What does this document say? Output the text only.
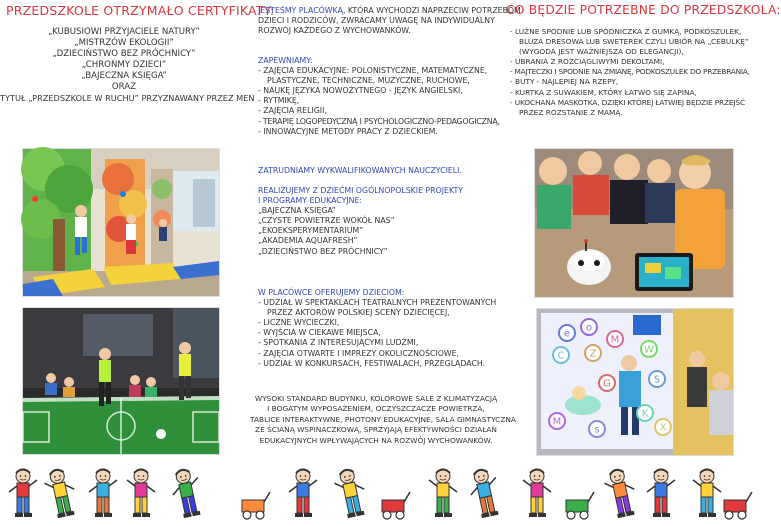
PRZEDSZKOLE OTRZYMAŁO CERTYFIKATY:
„KUBUSIOWI PRZYJACIELE NATURY”
„MISTRZÓW EKOLOGII”
„DZIECIŃSTWO BEZ PRÓCHNICY”
„CHROŃMY DZIECI”
„BAJECZNA KSIĘGA”
ORAZ
TYTUŁ „PRZEDSZKOLE W RUCHU” PRZYZNAWANY PRZEZ MEN
JESTEŚMY PLACÓWKĄ, KTÓRA WYCHODZI NAPRZECIW POTRZEBOM
DZIECI I RODZICÓW, ZWRACAMY UWAGĘ NA INDYWIDUALNY
ROZWÓJ KAŻDEGO Z WYCHOWANKÓW.
ZAPEWNIAMY:
- ZAJĘCIA EDUKACYJNE: POLONISTYCZNE, MATEMATYCZNE,
PLASTYCZNE, TECHNICZNE, MUZYCZNE, RUCHOWE,
- NAUKĘ JĘZYKA NOWOŻYTNEGO - JĘZYK ANGIELSKI,
- RYTMIKĘ,
- ZAJĘCIA RELIGII,
- TERAPIĘ LOGOPEDYCZNĄ I PSYCHOLOGICZNO-PEDAGOGICZNĄ,
- INNOWACYJNE METODY PRACY Z DZIECKIEM.
ZATRUDNIAMY WYKWALIFIKOWANYCH NAUCZYCIELI.
REALIZUJEMY Z DZIEĆMI OGÓLNOPOLSKIE PROJEKTY
I PROGRAMY EDUKACYJNE:
„BAJECZNA KSIĘGA”
„CZYSTE POWIETRZE WOKÓŁ NAS”
„EKOEKSPERYMENTARIUM”
„AKADEMIA AQUAFRESH”
„DZIECIŃSTWO BEZ PRÓCHNICY”
W PLACÓWCE OFERUJEMY DZIECIOM:
- UDZIAŁ W SPEKTAKLACH TEATRALNYCH PREZENTOWANYCH
PRZEZ AKTORÓW POLSKIEJ SCENY DZIECIĘCEJ,
- LICZNE WYCIECZKI,
- WYJŚCIA W CIEKAWE MIEJSCA,
- SPOTKANIA Z INTERESUJĄCYMI LUDŹMI,
- ZAJĘCIA OTWARTE I IMPREZY OKOLICZNOŚCIOWE,
- UDZIAŁ W KONKURSACH, FESTIWALACH, PRZEGLĄDACH.
WYSOKI STANDARD BUDYNKU, KOLOROWE SALE Z KLIMATYZACJĄ
I BOGATYM WYPOSAŻENIEM, OCZYSZCZACZE POWIETRZA,
TABLICE INTERAKTYWNE, PHOTONY EDUKACYJNE, SALA GIMNASTYCZNA
ZE ŚCIANĄ WSPINACZKOWĄ, SPRZYJAJĄ EFEKTYWNOŚCI DZIAŁAŃ
EDUKACYJNYCH WPŁYWAJĄCYCH NA ROZWÓJ WYCHOWANKÓW.
CO BĘDZIE POTRZEBNE DO PRZEDSZKOLA:
- LUŹNE SPODNIE LUB SPÓDNICZKA Z GUMKĄ, PODKOSZULEK,
BLUZA DRESOWA LUB SWETEREK CZYLI UBIÓR NA „CEBULKĘ”
(WYGODA JEST WAŻNIEJSZA OD ELEGANCJI),
- UBRANIA Z ROZCIĄGLIWYMI DEKOLTAMI,
- MAJTECZKI I SPODNIE NA ZMIANĘ, PODKOSZULEK DO PRZEBRANIA,
- BUTY - NAJLEPIEJ NA RZEPY,
- KURTKA Z SUWAKIEM, KTÓRY ŁATWO SIĘ ZAPINA,
- UKOCHANA MASKOTKA, DZIĘKI KTÓREJ ŁATWIEJ BĘDZIE PRZEJŚĆ
PRZEZ ROZSTANIE Z MAMĄ.
e
o
M
C	Z	W
G	S
M
K
X
s
